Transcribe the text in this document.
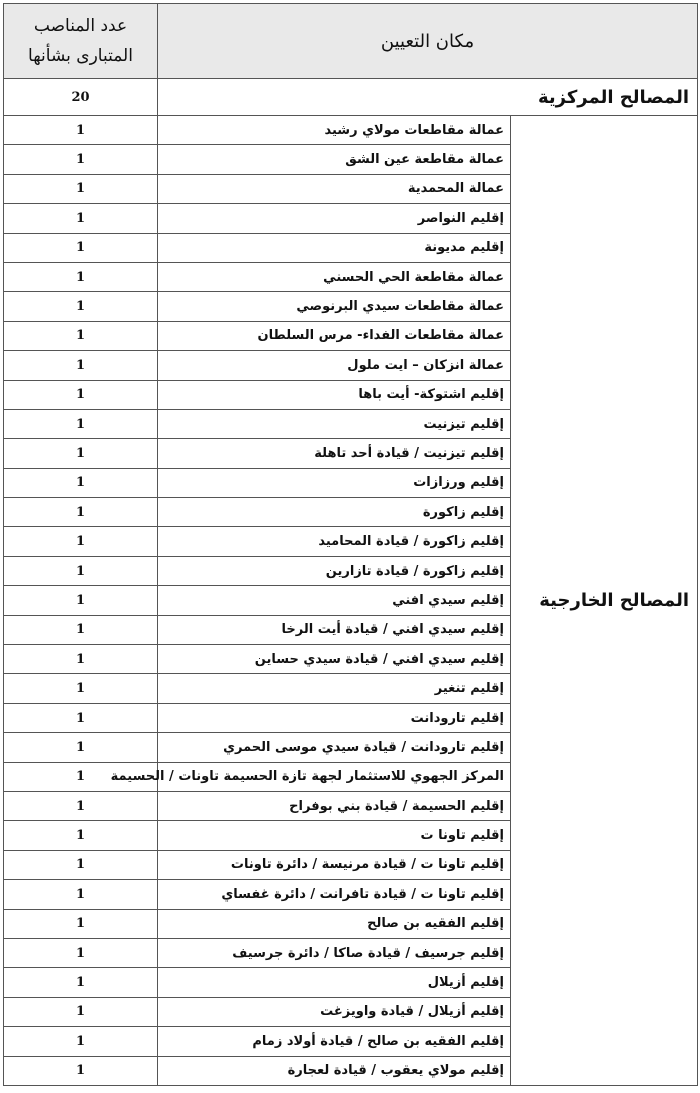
عدد المناصب المتبارى بشأنها	مكان التعيين	
20	المصالح المركزية	
1	عمالة مقاطعات مولاي رشيد	المصالح الخارجية
1	عمالة مقاطعة عين الشق	
1	عمالة المحمدية	
1	إقليم النواصر	
1	إقليم مديونة	
1	عمالة مقاطعة الحي الحسني	
1	عمالة مقاطعات سيدي البرنوصي	
1	عمالة مقاطعات الفداء- مرس السلطان	
1	عمالة انزكان – ايت ملول	
1	إقليم اشتوكة- أيت باها	
1	إقليم تيزنيت	
1	إقليم تيزنيت / قيادة أحد تاهلة	
1	إقليم ورزازات	
1	إقليم زاكورة	
1	إقليم زاكورة / قيادة المحاميد	
1	إقليم زاكورة / قيادة تازارين	
1	إقليم سيدي افني	
1	إقليم سيدي افني / قيادة أيت الرخا	
1	إقليم سيدي افني / قيادة سيدي حساين	
1	إقليم تنغير	
1	إقليم تارودانت	
1	إقليم تارودانت / قيادة سيدي موسى الحمري	
1	المركز الجهوي للاستثمار لجهة تازة الحسيمة تاونات / الحسيمة	
1	إقليم الحسيمة / قيادة بني بوفراح	
1	إقليم تاونا ت	
1	إقليم تاونا ت / قيادة مرنيسة / دائرة تاونات	
1	إقليم تاونا ت / قيادة تافرانت / دائرة غفساي	
1	إقليم الفقيه بن صالح	
1	إقليم جرسيف / قيادة صاكا / دائرة جرسيف	
1	إقليم أزيلال	
1	إقليم أزيلال / قيادة واويزغت	
1	إقليم الفقيه بن صالح / قيادة أولاد زمام	
1	إقليم مولاي يعقوب / قيادة لعجارة	
